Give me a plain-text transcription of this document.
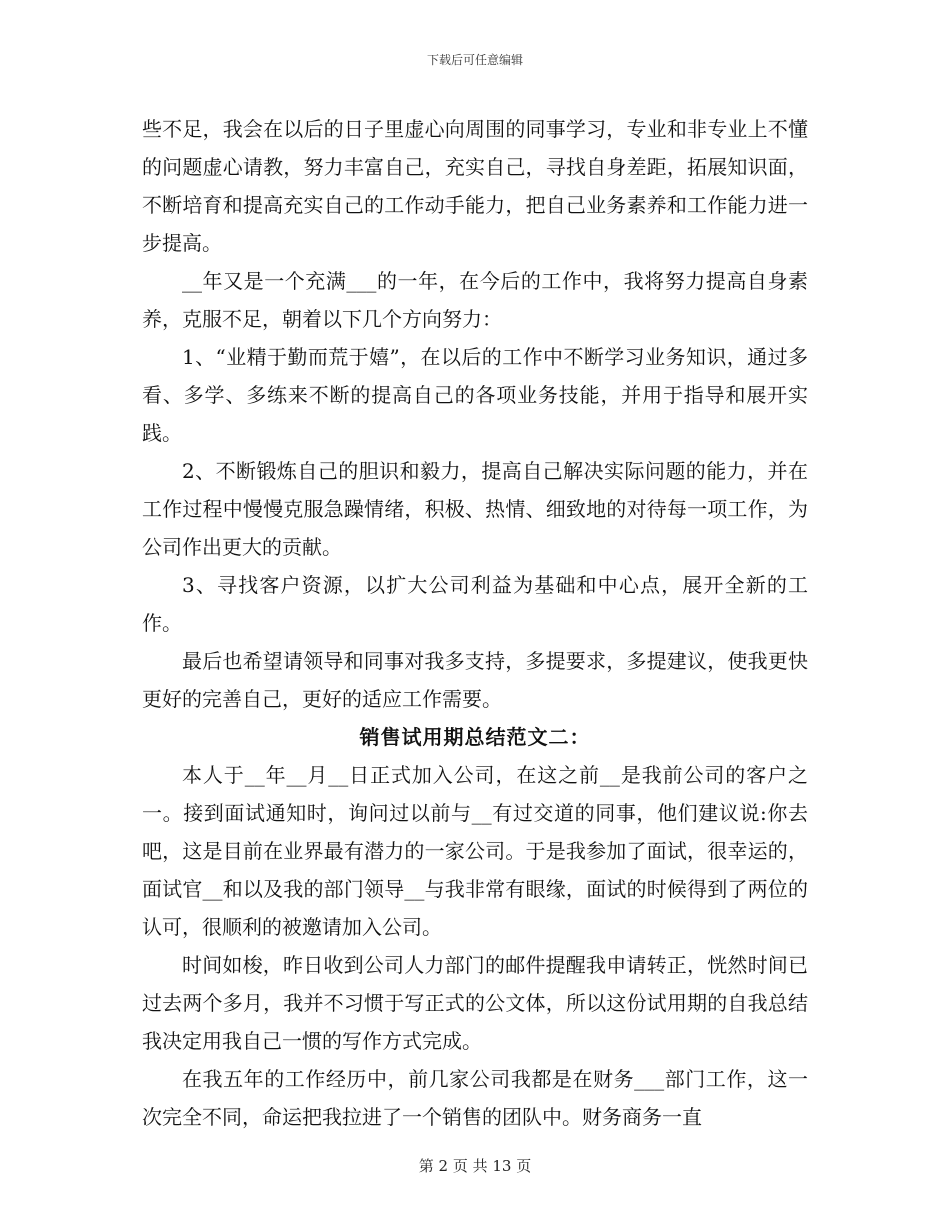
下载后可任意编辑

些不足，我会在以后的日子里虚心向周围的同事学习，专业和非专业上不懂的问题虚心请教，努力丰富自己，充实自己，寻找自身差距，拓展知识面，不断培育和提高充实自己的工作动手能力，把自己业务素养和工作能力进一步提高。

__年又是一个充满___的一年，在今后的工作中，我将努力提高自身素养，克服不足，朝着以下几个方向努力：

1、“业精于勤而荒于嬉”，在以后的工作中不断学习业务知识，通过多看、多学、多练来不断的提高自己的各项业务技能，并用于指导和展开实践。

2、不断锻炼自己的胆识和毅力，提高自己解决实际问题的能力，并在工作过程中慢慢克服急躁情绪，积极、热情、细致地的对待每一项工作，为公司作出更大的贡献。

3、寻找客户资源，以扩大公司利益为基础和中心点，展开全新的工作。

最后也希望请领导和同事对我多支持，多提要求，多提建议，使我更快更好的完善自己，更好的适应工作需要。

销售试用期总结范文二：

本人于__年__月__日正式加入公司，在这之前__是我前公司的客户之一。接到面试通知时，询问过以前与__有过交道的同事，他们建议说:你去吧，这是目前在业界最有潜力的一家公司。于是我参加了面试，很幸运的，面试官__和以及我的部门领导__与我非常有眼缘，面试的时候得到了两位的认可，很顺利的被邀请加入公司。

时间如梭，昨日收到公司人力部门的邮件提醒我申请转正，恍然时间已过去两个多月，我并不习惯于写正式的公文体，所以这份试用期的自我总结我决定用我自己一惯的写作方式完成。

在我五年的工作经历中，前几家公司我都是在财务___部门工作，这一次完全不同，命运把我拉进了一个销售的团队中。财务商务一直

第 2 页 共 13 页
